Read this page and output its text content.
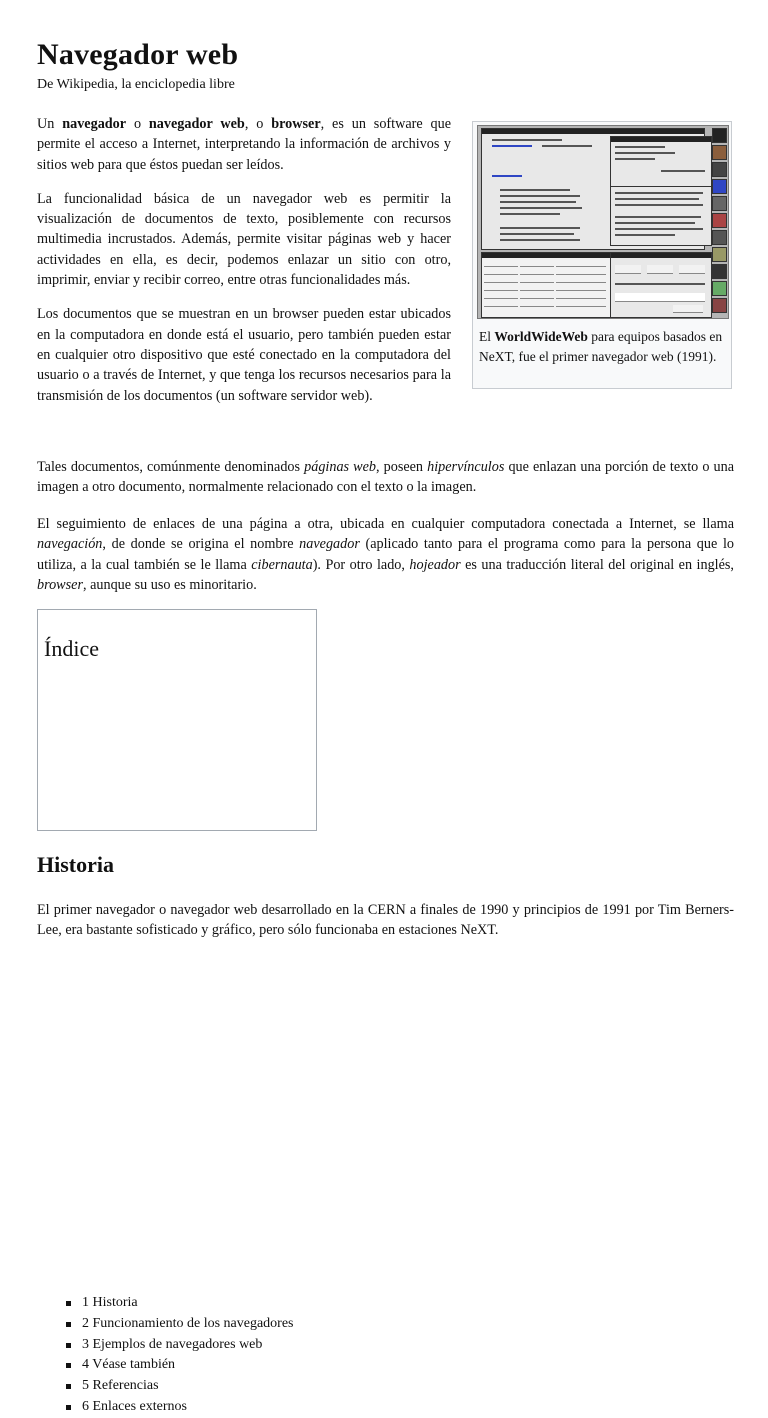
Navegador web
De Wikipedia, la enciclopedia libre
Un navegador o navegador web, o browser, es un software que permite el acceso a Internet, interpretando la información de archivos y sitios web para que éstos puedan ser leídos.
La funcionalidad básica de un navegador web es permitir la visualización de documentos de texto, posiblemente con recursos multimedia incrustados. Además, permite visitar páginas web y hacer actividades en ella, es decir, podemos enlazar un sitio con otro, imprimir, enviar y recibir correo, entre otras funcionalidades más.
Los documentos que se muestran en un browser pueden estar ubicados en la computadora en donde está el usuario, pero también pueden estar en cualquier otro dispositivo que esté conectado en la computadora del usuario o a través de Internet, y que tenga los recursos necesarios para la transmisión de los documentos (un software servidor web).
El WorldWideWeb para equipos basados en NeXT, fue el primer navegador web (1991).
Tales documentos, comúnmente denominados páginas web, poseen hipervínculos que enlazan una porción de texto o una imagen a otro documento, normalmente relacionado con el texto o la imagen.
El seguimiento de enlaces de una página a otra, ubicada en cualquier computadora conectada a Internet, se llama navegación, de donde se origina el nombre navegador (aplicado tanto para el programa como para la persona que lo utiliza, a la cual también se le llama cibernauta). Por otro lado, hojeador es una traducción literal del original en inglés, browser, aunque su uso es minoritario.
Índice
1 Historia
2 Funcionamiento de los navegadores
3 Ejemplos de navegadores web
4 Véase también
5 Referencias
6 Enlaces externos
Historia
El primer navegador o navegador web desarrollado en la CERN a finales de 1990 y principios de 1991 por Tim Berners-Lee, era bastante sofisticado y gráfico, pero sólo funcionaba en estaciones NeXT.
